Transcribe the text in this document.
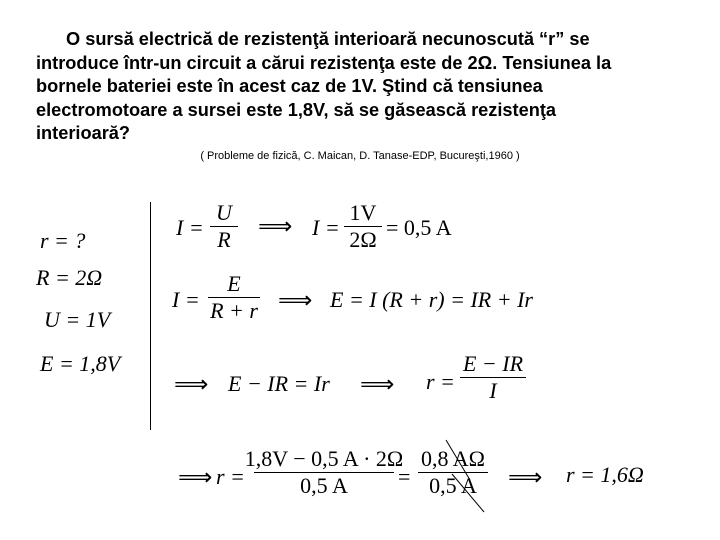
O sursă electrică de rezistenţă interioară necunoscută “r” se
introduce într-un circuit a cărui rezistenţa este de 2Ω. Tensiunea la
bornele bateriei este în acest caz de 1V. Ştind că tensiunea
electromotoare a sursei este 1,8V, să se găsească rezistenţa
interioară?
( Probleme de fizică, C. Maican, D. Tanase-EDP, Bucureşti,1960 )
r = ?
R = 2Ω
U = 1V
E = 1,8V
I =
U
R ⟹ I =
1V
2Ω = 0,5 A
I =
E
R + r ⟹ E = I (R + r) = IR + Ir
⟹ E − IR = Ir ⟹ r =
E − IR
I
⟹ r =
1,8V − 0,5 A · 2Ω
0,5 A =
0,8 AΩ
0,5 A ⟹ r = 1,6Ω
